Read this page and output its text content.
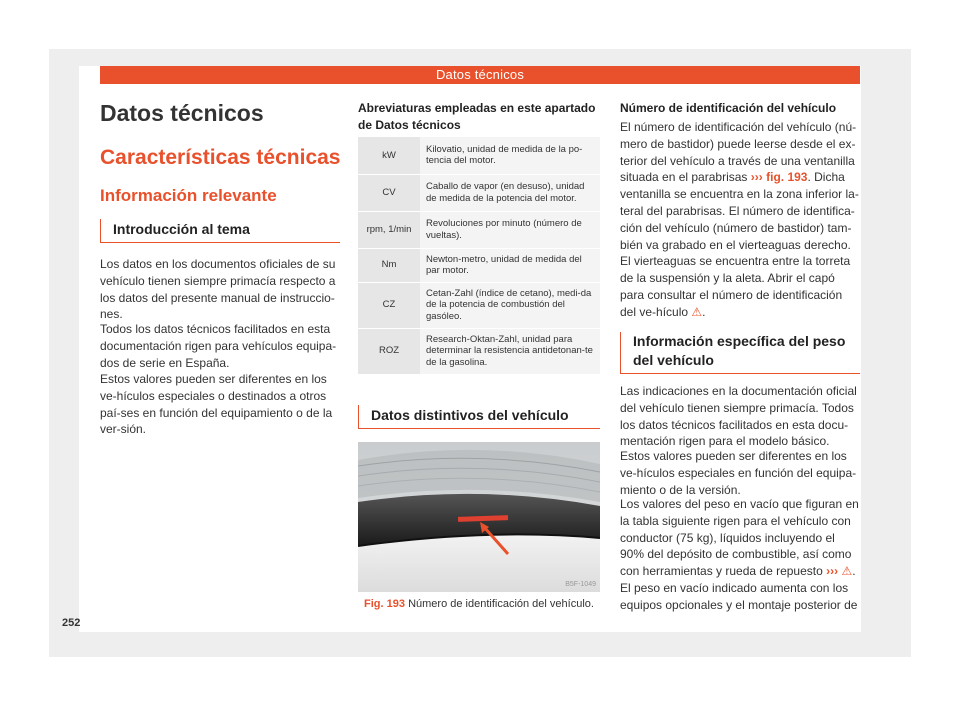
Datos técnicos
Datos técnicos
Características técnicas
Información relevante
Introducción al tema

Los datos en los documentos oficiales de su vehículo tienen siempre primacía respecto a los datos del presente manual de instruccio-nes.

Todos los datos técnicos facilitados en esta documentación rigen para vehículos equipa-dos de serie en España.

Estos valores pueden ser diferentes en los ve-hículos especiales o destinados a otros paí-ses en función del equipamiento o de la ver-sión.

Abreviaturas empleadas en este apartado de Datos técnicos
kW	Kilovatio, unidad de medida de la po-tencia del motor.
CV	Caballo de vapor (en desuso), unidad de medida de la potencia del motor.
rpm, 1/min	Revoluciones por minuto (número de vueltas).
Nm	Newton-metro, unidad de medida del par motor.
CZ	Cetan-Zahl (índice de cetano), medi-da de la potencia de combustión del gasóleo.
ROZ	Research-Oktan-Zahl, unidad para determinar la resistencia antidetonan-te de la gasolina.
Datos distintivos del vehículo
B5F-1049
Fig. 193 Número de identificación del vehículo.
Número de identificación del vehículo

El número de identificación del vehículo (nú-mero de bastidor) puede leerse desde el ex-terior del vehículo a través de una ventanilla situada en el parabrisas ››› fig. 193. Dicha ventanilla se encuentra en la zona inferior la-teral del parabrisas. El número de identifica-ción del vehículo (número de bastidor) tam-bién va grabado en el vierteaguas derecho. El vierteaguas se encuentra entre la torreta de la suspensión y la aleta. Abrir el capó para consultar el número de identificación del ve-hículo ⚠.

Información específica del peso del vehículo

Las indicaciones en la documentación oficial del vehículo tienen siempre primacía. Todos los datos técnicos facilitados en esta docu-mentación rigen para el modelo básico.

Estos valores pueden ser diferentes en los ve-hículos especiales en función del equipa-miento o de la versión.

Los valores del peso en vacío que figuran en la tabla siguiente rigen para el vehículo con conductor (75 kg), líquidos incluyendo el 90% del depósito de combustible, así como con herramientas y rueda de repuesto ››› ⚠. El peso en vacío indicado aumenta con los equipos opcionales y el montaje posterior de

252
